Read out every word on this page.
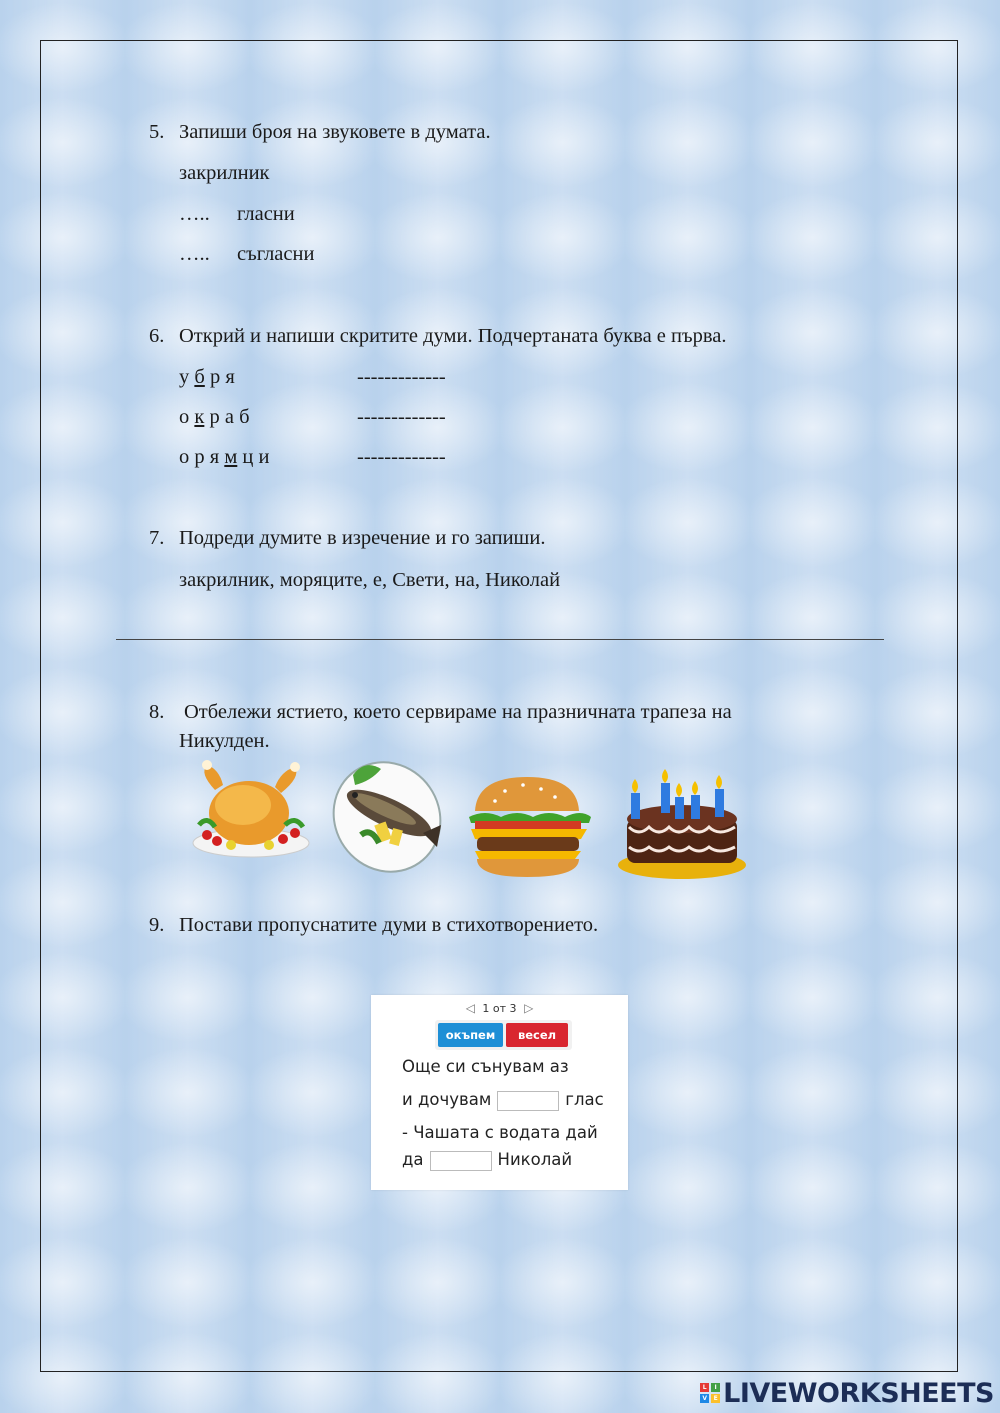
5. Запиши броя на звуковете в думата.
закрилник
….. гласни
….. съгласни
6. Открий и напиши скритите думи. Подчертаната буква е първа.
у б р я	-------------
о к р а б	-------------
о р я м ц и	-------------
7. Подреди думите в изречение и го запиши.
закрилник, моряците, е, Свети, на, Николай
8. Отбележи ястието, което сервираме на празничната трапеза на
Никулден.
9. Постави пропуснатите думи в стихотворението.
◁ 1 от 3 ▷
окъпем	весел
Още си сънувам аз
и дочувам	глас
- Чашата с водата дай
да	Николай
L	I
V	E LIVEWORKSHEETS
